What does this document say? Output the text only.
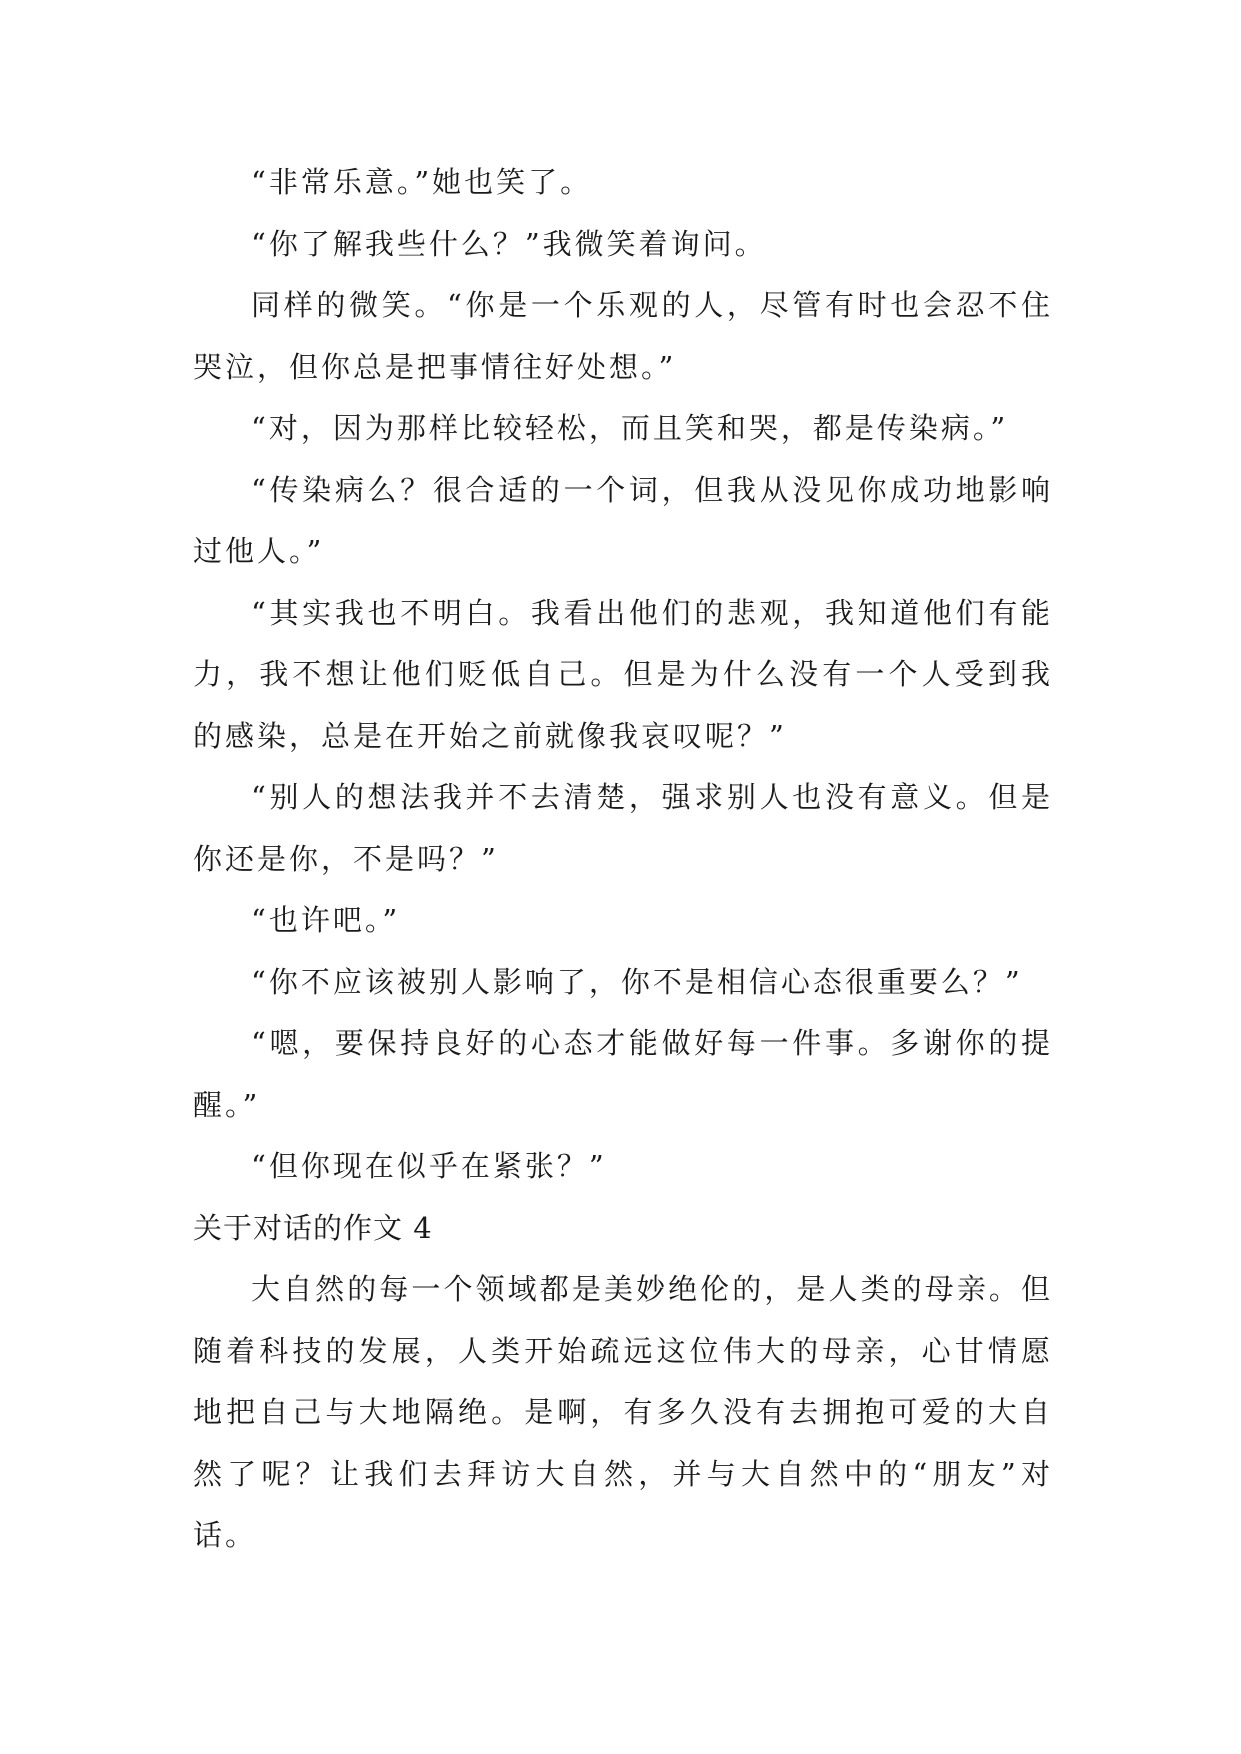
“非常乐意。”她也笑了。

“你了解我些什么？”我微笑着询问。

同样的微笑。“你是一个乐观的人，尽管有时也会忍不住哭泣，但你总是把事情往好处想。”

“对，因为那样比较轻松，而且笑和哭，都是传染病。”

“传染病么？很合适的一个词，但我从没见你成功地影响过他人。”

“其实我也不明白。我看出他们的悲观，我知道他们有能力，我不想让他们贬低自己。但是为什么没有一个人受到我的感染，总是在开始之前就像我哀叹呢？”

“别人的想法我并不去清楚，强求别人也没有意义。但是你还是你，不是吗？”

“也许吧。”

“你不应该被别人影响了，你不是相信心态很重要么？”

“嗯，要保持良好的心态才能做好每一件事。多谢你的提醒。”

“但你现在似乎在紧张？”

关于对话的作文 4

大自然的每一个领域都是美妙绝伦的，是人类的母亲。但随着科技的发展，人类开始疏远这位伟大的母亲，心甘情愿地把自己与大地隔绝。是啊，有多久没有去拥抱可爱的大自然了呢？让我们去拜访大自然，并与大自然中的“朋友”对话。
